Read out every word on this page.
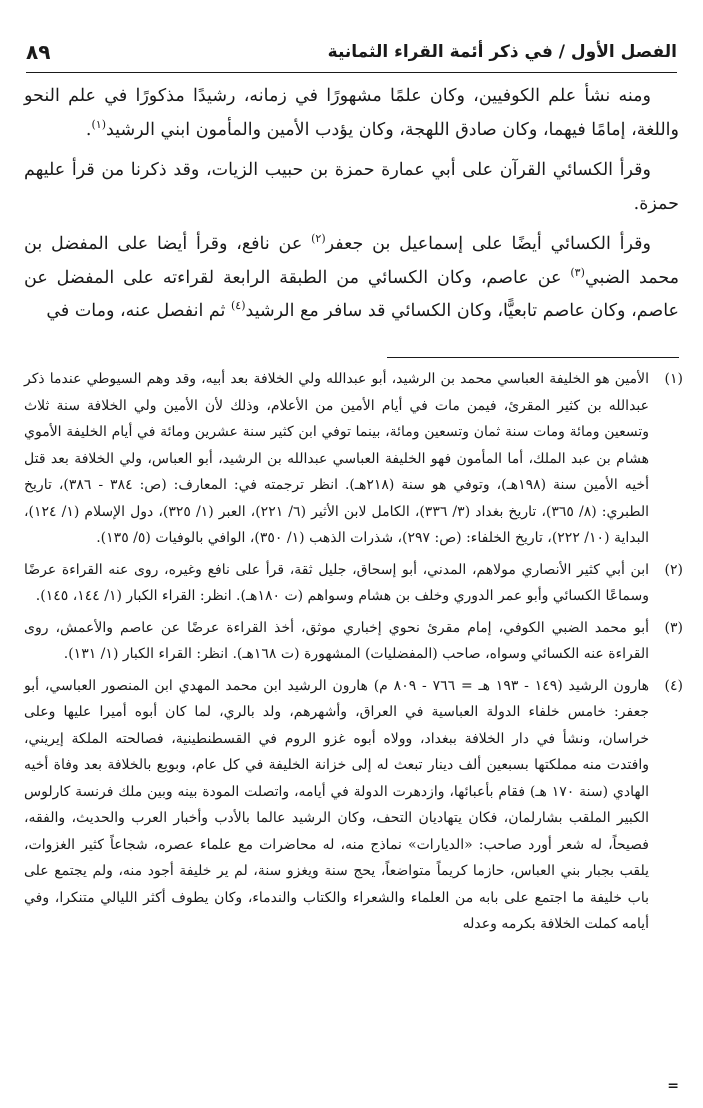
الفصل الأول / في ذكر أئمة القراء الثمانية
٨٩

ومنه نشأ علم الكوفيين، وكان علمًا مشهورًا في زمانه، رشيدًا مذكورًا في علم النحو واللغة، إمامًا فيهما، وكان صادق اللهجة، وكان يؤدب الأمين والمأمون ابني الرشيد$^{(١)}$.

وقرأ الكسائي القرآن على أبي عمارة حمزة بن حبيب الزيات، وقد ذكرنا من قرأ عليهم حمزة.

وقرأ الكسائي أيضًا على إسماعيل بن جعفر$^{(٢)}$ عن نافع، وقرأ أيضا على المفضل بن محمد الضبي$^{(٣)}$ عن عاصم، وكان الكسائي من الطبقة الرابعة لقراءته على المفضل عن عاصم، وكان عاصم تابعيًّا، وكان الكسائي قد سافر مع الرشيد$^{(٤)}$ ثم انفصل عنه، ومات في

(١)
الأمين هو الخليفة العباسي محمد بن الرشيد، أبو عبدالله ولي الخلافة بعد أبيه، وقد وهم السيوطي عندما ذكر عبدالله بن كثير المقرئ، فيمن مات في أيام الأمين من الأعلام، وذلك لأن الأمين ولي الخلافة سنة ثلاث وتسعين ومائة ومات سنة ثمان وتسعين ومائة، بينما توفي ابن كثير سنة عشرين ومائة في أيام الخليفة الأموي هشام بن عبد الملك، أما المأمون فهو الخليفة العباسي عبدالله بن الرشيد، أبو العباس، ولي الخلافة بعد قتل أخيه الأمين سنة (١٩٨هـ)، وتوفي هو سنة (٢١٨هـ). انظر ترجمته في: المعارف: (ص: ٣٨٤ - ٣٨٦)، تاريخ الطبري: (٨/ ٣٦٥)، تاريخ بغداد (٣/ ٣٣٦)، الكامل لابن الأثير (٦/ ٢٢١)، العبر (١/ ٣٢٥)، دول الإسلام (١/ ١٢٤)، البداية (١٠/ ٢٢٢)، تاريخ الخلفاء: (ص: ٢٩٧)، شذرات الذهب (١/ ٣٥٠)، الوافي بالوفيات (٥/ ١٣٥).
(٢)
ابن أبي كثير الأنصاري مولاهم، المدني، أبو إسحاق، جليل ثقة، قرأ على نافع وغيره، روى عنه القراءة عرضًا وسماعًا الكسائي وأبو عمر الدوري وخلف بن هشام وسواهم (ت ١٨٠هـ). انظر: القراء الكبار (١/ ١٤٤، ١٤٥).
(٣)
أبو محمد الضبي الكوفي، إمام مقرئ نحوي إخباري موثق، أخذ القراءة عرضًا عن عاصم والأعمش، روى القراءة عنه الكسائي وسواه، صاحب (المفضليات) المشهورة (ت ١٦٨هـ). انظر: القراء الكبار (١/ ١٣١).
(٤)
هارون الرشيد (١٤٩ - ١٩٣ هـ = ٧٦٦ - ٨٠٩ م) هارون الرشيد ابن محمد المهدي ابن المنصور العباسي، أبو جعفر: خامس خلفاء الدولة العباسية في العراق، وأشهرهم، ولد بالري، لما كان أبوه أميرا عليها وعلى خراسان، ونشأ في دار الخلافة ببغداد، وولاه أبوه غزو الروم في القسطنطينية، فصالحته الملكة إيريني، وافتدت منه مملكتها بسبعين ألف دينار تبعث له إلى خزانة الخليفة في كل عام، وبويع بالخلافة بعد وفاة أخيه الهادي (سنة ١٧٠ هـ) فقام بأعبائها، وازدهرت الدولة في أيامه، واتصلت المودة بينه وبين ملك فرنسة كارلوس الكبير الملقب بشارلمان، فكان يتهاديان التحف، وكان الرشيد عالما بالأدب وأخبار العرب والحديث، والفقه، فصيحاً، له شعر أورد صاحب: «الديارات» نماذج منه، له محاضرات مع علماء عصره، شجاعاً كثير الغزوات، يلقب بجبار بني العباس، حازما كريماً متواضعاً، يحج سنة ويغزو سنة، لم ير خليفة أجود منه، ولم يجتمع على باب خليفة ما اجتمع على بابه من العلماء والشعراء والكتاب والندماء، وكان يطوف أكثر الليالي متنكرا، وفي أيامه كملت الخلافة بكرمه وعدله
=
